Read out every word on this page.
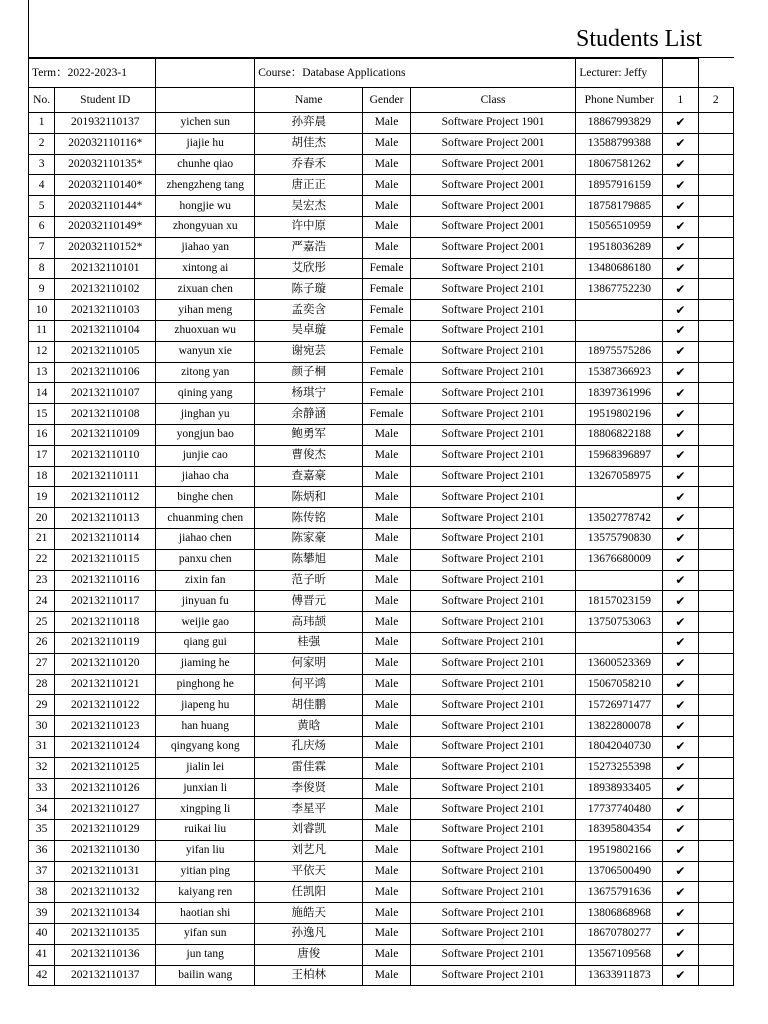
Students List
Term：2022-2023-1			Course：Database Applications			Lecturer: Jeffy		
No.	Student ID		Name	Gender	Class	Phone Number	1	2
1	201932110137	yichen sun	孙弈晨	Male	Software Project 1901	18867993829	✔	
2	202032110116*	jiajie hu	胡佳杰	Male	Software Project 2001	13588799388	✔	
3	202032110135*	chunhe qiao	乔春禾	Male	Software Project 2001	18067581262	✔	
4	202032110140*	zhengzheng tang	唐正正	Male	Software Project 2001	18957916159	✔	
5	202032110144*	hongjie wu	吴宏杰	Male	Software Project 2001	18758179885	✔	
6	202032110149*	zhongyuan xu	许中原	Male	Software Project 2001	15056510959	✔	
7	202032110152*	jiahao yan	严嘉浩	Male	Software Project 2001	19518036289	✔	
8	202132110101	xintong ai	艾欣彤	Female	Software Project 2101	13480686180	✔	
9	202132110102	zixuan chen	陈子璇	Female	Software Project 2101	13867752230	✔	
10	202132110103	yihan meng	孟奕含	Female	Software Project 2101		✔	
11	202132110104	zhuoxuan wu	吴卓璇	Female	Software Project 2101		✔	
12	202132110105	wanyun xie	谢宛芸	Female	Software Project 2101	18975575286	✔	
13	202132110106	zitong yan	颜子桐	Female	Software Project 2101	15387366923	✔	
14	202132110107	qining yang	杨琪宁	Female	Software Project 2101	18397361996	✔	
15	202132110108	jinghan yu	余静涵	Female	Software Project 2101	19519802196	✔	
16	202132110109	yongjun bao	鲍勇军	Male	Software Project 2101	18806822188	✔	
17	202132110110	junjie cao	曹俊杰	Male	Software Project 2101	15968396897	✔	
18	202132110111	jiahao cha	查嘉豪	Male	Software Project 2101	13267058975	✔	
19	202132110112	binghe chen	陈炳和	Male	Software Project 2101		✔	
20	202132110113	chuanming chen	陈传铭	Male	Software Project 2101	13502778742	✔	
21	202132110114	jiahao chen	陈家豪	Male	Software Project 2101	13575790830	✔	
22	202132110115	panxu chen	陈攀旭	Male	Software Project 2101	13676680009	✔	
23	202132110116	zixin fan	范子昕	Male	Software Project 2101		✔	
24	202132110117	jinyuan fu	傅晋元	Male	Software Project 2101	18157023159	✔	
25	202132110118	weijie gao	高玮颉	Male	Software Project 2101	13750753063	✔	
26	202132110119	qiang gui	桂强	Male	Software Project 2101		✔	
27	202132110120	jiaming he	何家明	Male	Software Project 2101	13600523369	✔	
28	202132110121	pinghong he	何平鸿	Male	Software Project 2101	15067058210	✔	
29	202132110122	jiapeng hu	胡佳鹏	Male	Software Project 2101	15726971477	✔	
30	202132110123	han huang	黄晗	Male	Software Project 2101	13822800078	✔	
31	202132110124	qingyang kong	孔庆炀	Male	Software Project 2101	18042040730	✔	
32	202132110125	jialin lei	雷佳霖	Male	Software Project 2101	15273255398	✔	
33	202132110126	junxian li	李俊贤	Male	Software Project 2101	18938933405	✔	
34	202132110127	xingping li	李星平	Male	Software Project 2101	17737740480	✔	
35	202132110129	ruikai liu	刘睿凯	Male	Software Project 2101	18395804354	✔	
36	202132110130	yifan liu	刘艺凡	Male	Software Project 2101	19519802166	✔	
37	202132110131	yitian ping	平依天	Male	Software Project 2101	13706500490	✔	
38	202132110132	kaiyang ren	任凯阳	Male	Software Project 2101	13675791636	✔	
39	202132110134	haotian shi	施皓天	Male	Software Project 2101	13806868968	✔	
40	202132110135	yifan sun	孙逸凡	Male	Software Project 2101	18670780277	✔	
41	202132110136	jun tang	唐俊	Male	Software Project 2101	13567109568	✔	
42	202132110137	bailin wang	王柏林	Male	Software Project 2101	13633911873	✔	
